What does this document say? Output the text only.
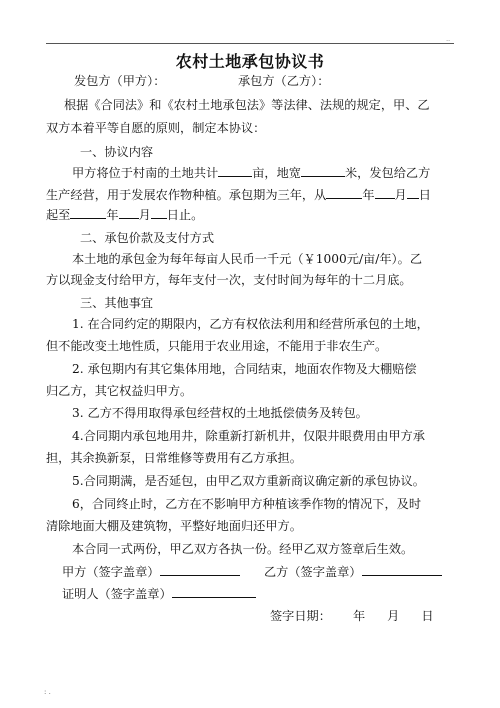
..
农村土地承包协议书
发包方（甲方）：	承包方（乙方）：
根据《合同法》和《农村土地承包法》等法律、法规的规定，甲、乙
双方本着平等自愿的原则，制定本协议：
一、协议内容
甲方将位于村南的土地共计	亩，地宽	米，发包给乙方
生产经营，用于发展农作物种植。承包期为三年，从	年 月 日
起至	年 月 日止。
二、承包价款及支付方式
本土地的承包金为每年每亩人民币一千元（￥1000元/亩/年）。乙
方以现金支付给甲方，每年支付一次，支付时间为每年的十二月底。
三、其他事宜
1. 在合同约定的期限内，乙方有权依法利用和经营所承包的土地，
但不能改变土地性质，只能用于农业用途，不能用于非农生产。
2. 承包期内有其它集体用地，合同结束，地面农作物及大棚赔偿
归乙方，其它权益归甲方。
3. 乙方不得用取得承包经营权的土地抵偿债务及转包。
4.合同期内承包地用井，除重新打新机井，仅限井眼费用由甲方承
担，其余换新泵，日常维修等费用有乙方承担。
5.合同期满，是否延包，由甲乙双方重新商议确定新的承包协议。
6，合同终止时，乙方在不影响甲方种植该季作物的情况下，及时
清除地面大棚及建筑物，平整好地面归还甲方。
本合同一式两份，甲乙双方各执一份。经甲乙双方签章后生效。
甲方（签字盖章）	乙方（签字盖章）
证明人（签字盖章）
签字日期： 年 月 日
: .
